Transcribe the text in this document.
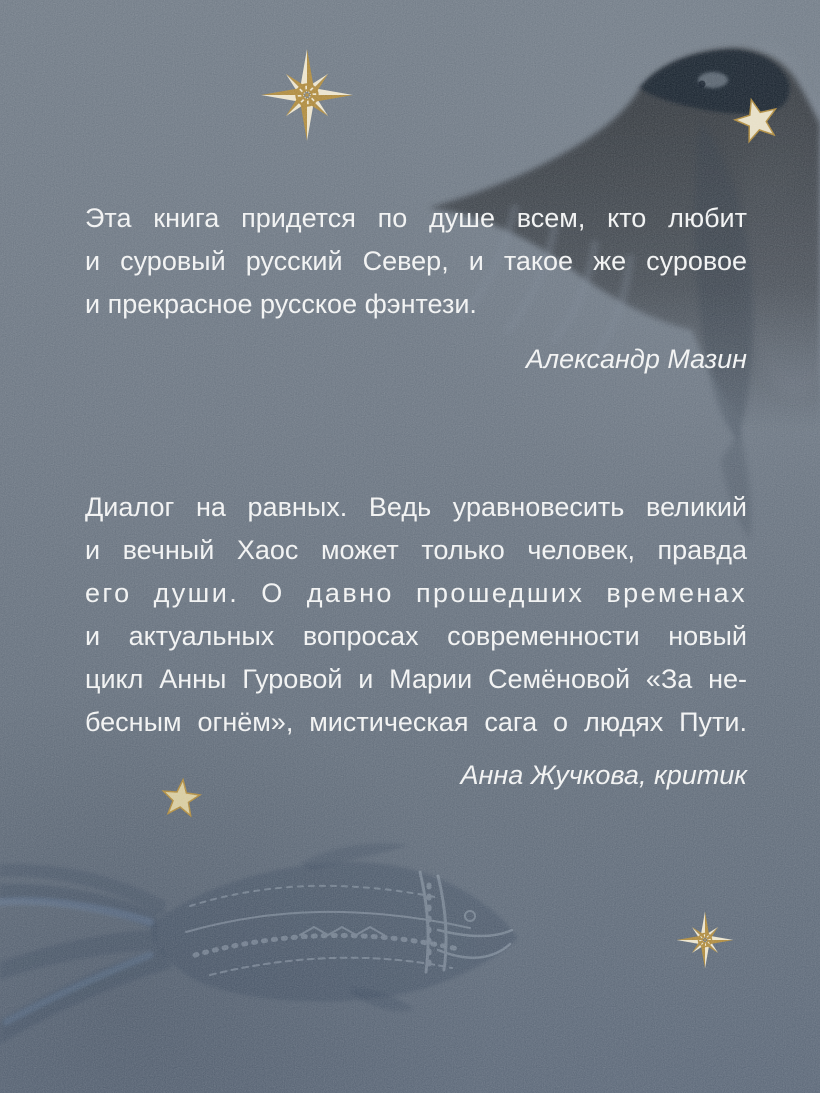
Эта книга придется по душе всем, кто любит
и суровый русский Север, и такое же суровое
и прекрасное русское фэнтези.
Александр Мазин
Диалог на равных. Ведь уравновесить великий
и вечный Хаос может только человек, правда
его души. О давно прошедших временах
и актуальных вопросах современности новый
цикл Анны Гуровой и Марии Семёновой «За не-
бесным огнём», мистическая сага о людях Пути.
Анна Жучкова, критик
